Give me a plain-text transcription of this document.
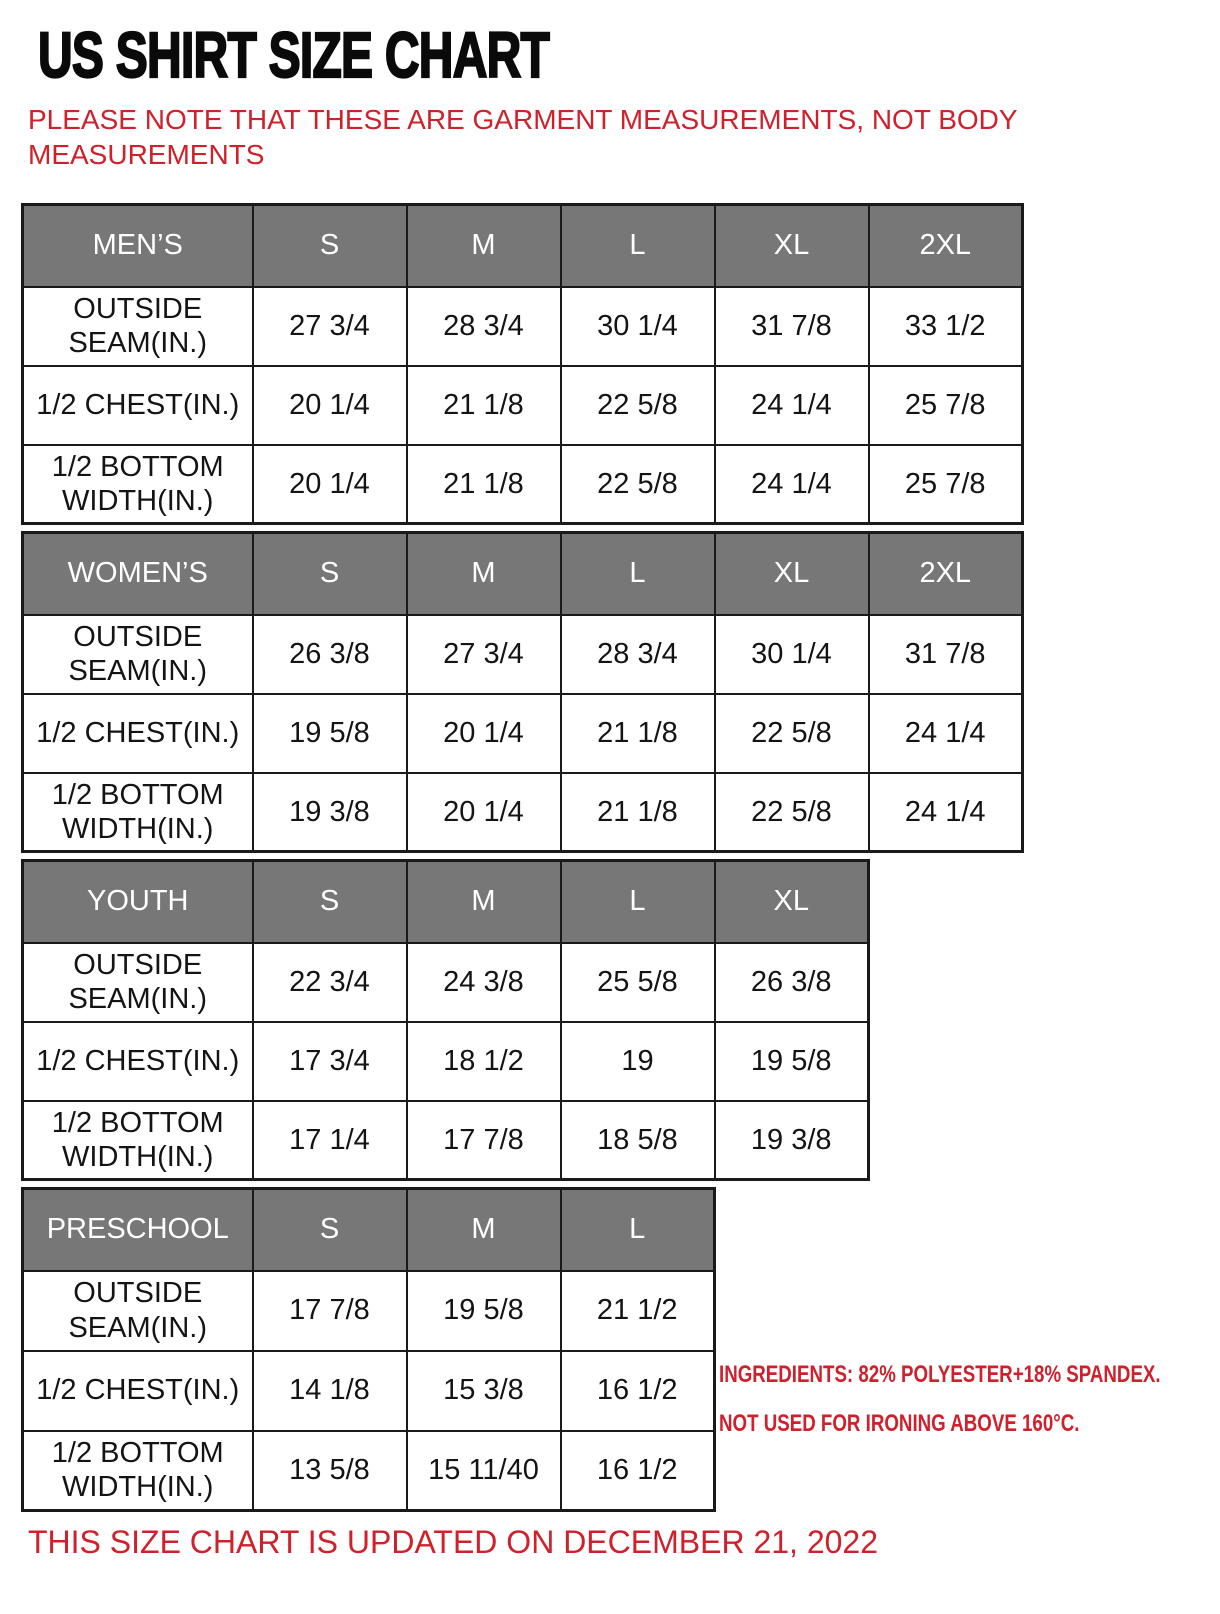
US SHIRT SIZE CHART

PLEASE NOTE THAT THESE ARE GARMENT MEASUREMENTS, NOT BODY MEASUREMENTS

MEN’S	S	M	L	XL	2XL
OUTSIDE SEAM(IN.)	27 3/4	28 3/4	30 1/4	31 7/8	33 1/2
1/2 CHEST(IN.)	20 1/4	21 1/8	22 5/8	24 1/4	25 7/8
1/2 BOTTOM WIDTH(IN.)	20 1/4	21 1/8	22 5/8	24 1/4	25 7/8
WOMEN’S	S	M	L	XL	2XL
OUTSIDE SEAM(IN.)	26 3/8	27 3/4	28 3/4	30 1/4	31 7/8
1/2 CHEST(IN.)	19 5/8	20 1/4	21 1/8	22 5/8	24 1/4
1/2 BOTTOM WIDTH(IN.)	19 3/8	20 1/4	21 1/8	22 5/8	24 1/4
YOUTH	S	M	L	XL
OUTSIDE SEAM(IN.)	22 3/4	24 3/8	25 5/8	26 3/8
1/2 CHEST(IN.)	17 3/4	18 1/2	19	19 5/8
1/2 BOTTOM WIDTH(IN.)	17 1/4	17 7/8	18 5/8	19 3/8
PRESCHOOL	S	M	L
OUTSIDE SEAM(IN.)	17 7/8	19 5/8	21 1/2
1/2 CHEST(IN.)	14 1/8	15 3/8	16 1/2
1/2 BOTTOM WIDTH(IN.)	13 5/8	15 11/40	16 1/2

INGREDIENTS: 82% POLYESTER+18% SPANDEX.
NOT USED FOR IRONING ABOVE 160°C.

THIS SIZE CHART IS UPDATED ON DECEMBER 21, 2022
